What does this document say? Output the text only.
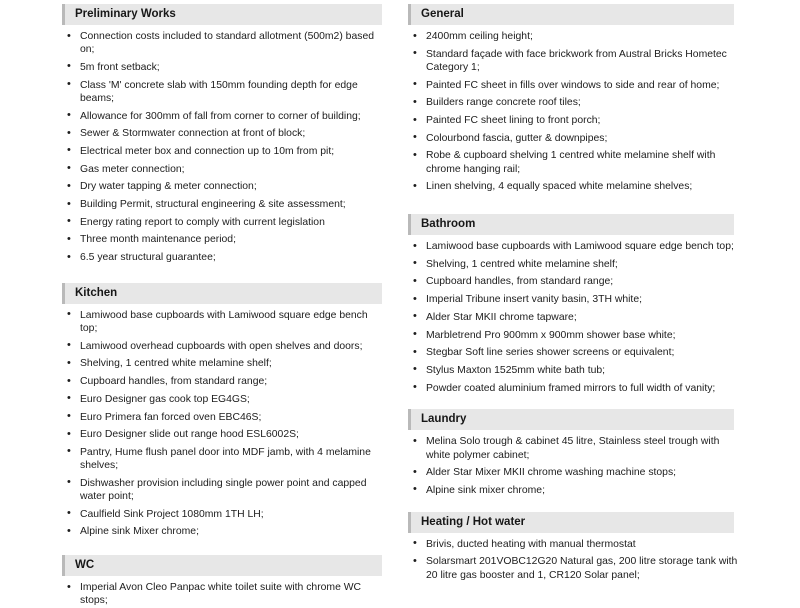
Preliminary Works
• Connection costs included to standard allotment (500m2) based on;
• 5m front setback;
• Class 'M' concrete slab with 150mm founding depth for edge beams;
• Allowance for 300mm of fall from corner to corner of building;
• Sewer & Stormwater connection at front of block;
• Electrical meter box and connection up to 10m from pit;
• Gas meter connection;
• Dry water tapping & meter connection;
• Building Permit, structural engineering & site assessment;
• Energy rating report to comply with current legislation
• Three month maintenance period;
• 6.5 year structural guarantee;
Kitchen
• Lamiwood base cupboards with Lamiwood square edge bench top;
• Lamiwood overhead cupboards with open shelves and doors;
• Shelving, 1 centred white melamine shelf;
• Cupboard handles, from standard range;
• Euro Designer gas cook top EG4GS;
• Euro Primera fan forced oven EBC46S;
• Euro Designer slide out range hood ESL6002S;
• Pantry, Hume flush panel door into MDF jamb, with 4 melamine shelves;
• Dishwasher provision including single power point and capped water point;
• Caulfield Sink Project 1080mm 1TH LH;
• Alpine sink Mixer chrome;
WC
• Imperial Avon Cleo Panpac white toilet suite with chrome WC stops;
General
• 2400mm ceiling height;
• Standard façade with face brickwork from Austral Bricks Hometec Category 1;
• Painted FC sheet in fills over windows to side and rear of home;
• Builders range concrete roof tiles;
• Painted FC sheet lining to front porch;
• Colourbond fascia, gutter & downpipes;
• Robe & cupboard shelving 1 centred white melamine shelf with chrome hanging rail;
• Linen shelving, 4 equally spaced white melamine shelves;
Bathroom
• Lamiwood base cupboards with Lamiwood square edge bench top;
• Shelving, 1 centred white melamine shelf;
• Cupboard handles, from standard range;
• Imperial Tribune insert vanity basin, 3TH white;
• Alder Star MKII chrome tapware;
• Marbletrend Pro 900mm x 900mm shower base white;
• Stegbar Soft line series shower screens or equivalent;
• Stylus Maxton 1525mm white bath tub;
• Powder coated aluminium framed mirrors to full width of vanity;
Laundry
• Melina Solo trough & cabinet 45 litre, Stainless steel trough with white polymer cabinet;
• Alder Star Mixer MKII chrome washing machine stops;
• Alpine sink mixer chrome;
Heating / Hot water
• Brivis, ducted heating with manual thermostat
• Solarsmart 201VOBC12G20 Natural gas, 200 litre storage tank with 20 litre gas booster and 1, CR120 Solar panel;
